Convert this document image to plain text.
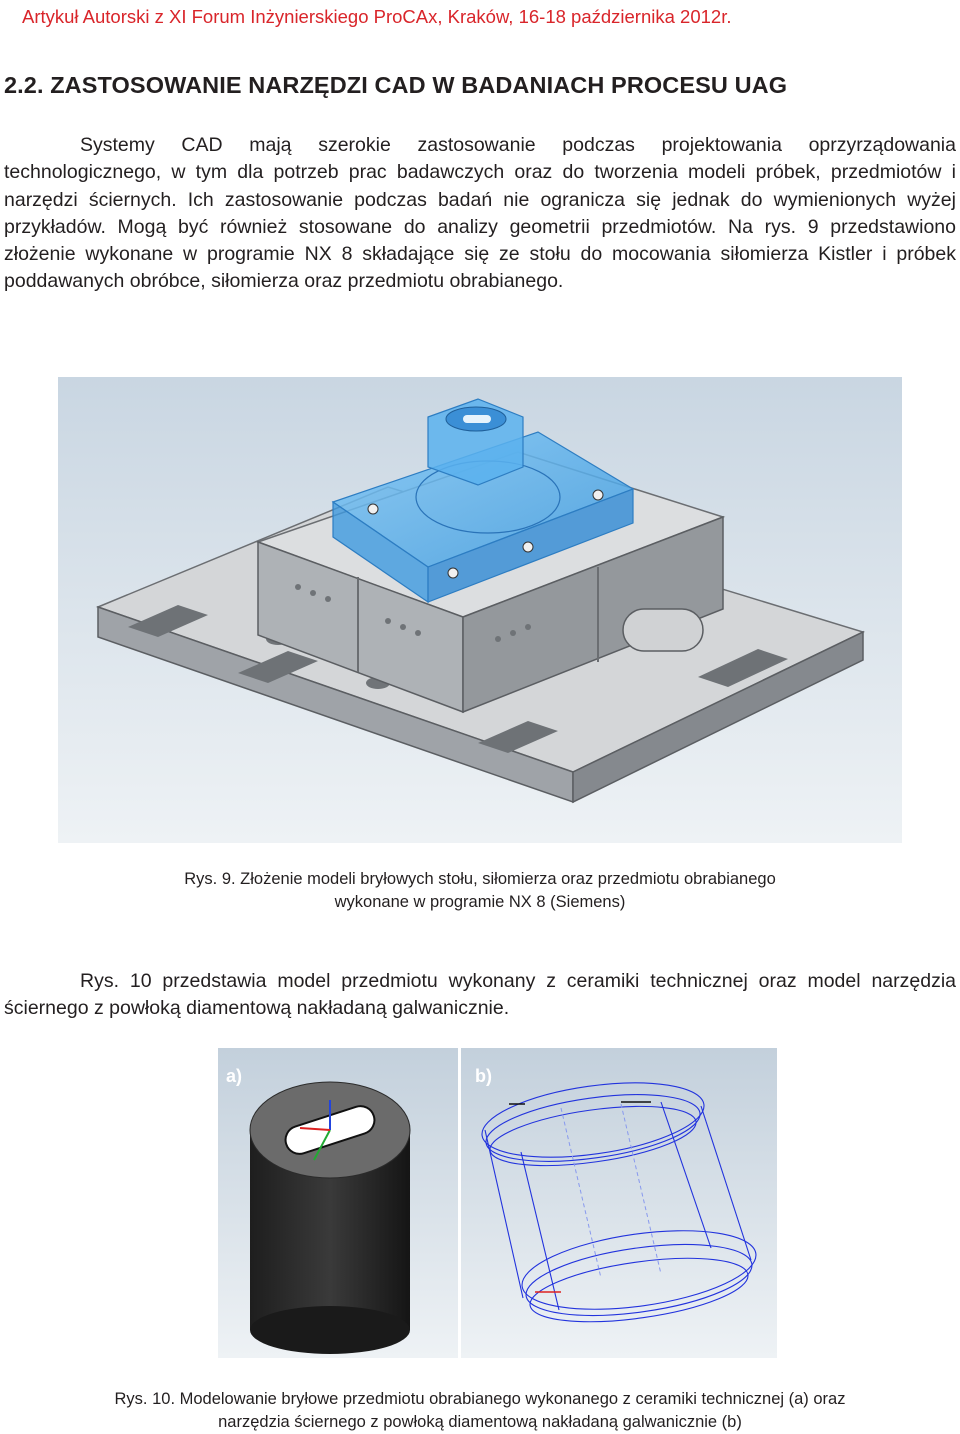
Artykuł Autorski z XI Forum Inżynierskiego ProCAx, Kraków, 16-18 października 2012r.
2.2. ZASTOSOWANIE NARZĘDZI CAD W BADANIACH PROCESU UAG
Systemy CAD mają szerokie zastosowanie podczas projektowania oprzyrządowania technologicznego, w tym dla potrzeb prac badawczych oraz do tworzenia modeli próbek, przedmiotów i narzędzi ściernych. Ich zastosowanie podczas badań nie ogranicza się jednak do wymienionych wyżej przykładów. Mogą być również stosowane do analizy geometrii przedmiotów. Na rys. 9 przedstawiono złożenie wykonane w programie NX 8 składające się ze stołu do mocowania siłomierza Kistler i próbek poddawanych obróbce, siłomierza oraz przedmiotu obrabianego.
Rys. 9. Złożenie modeli bryłowych stołu, siłomierza oraz przedmiotu obrabianego
wykonane w programie NX 8 (Siemens)
Rys. 10 przedstawia model przedmiotu wykonany z ceramiki technicznej oraz model narzędzia ściernego z powłoką diamentową nakładaną galwanicznie.
a)	b)
Rys. 10. Modelowanie bryłowe przedmiotu obrabianego wykonanego z ceramiki technicznej (a) oraz
narzędzia ściernego z powłoką diamentową nakładaną galwanicznie (b)
